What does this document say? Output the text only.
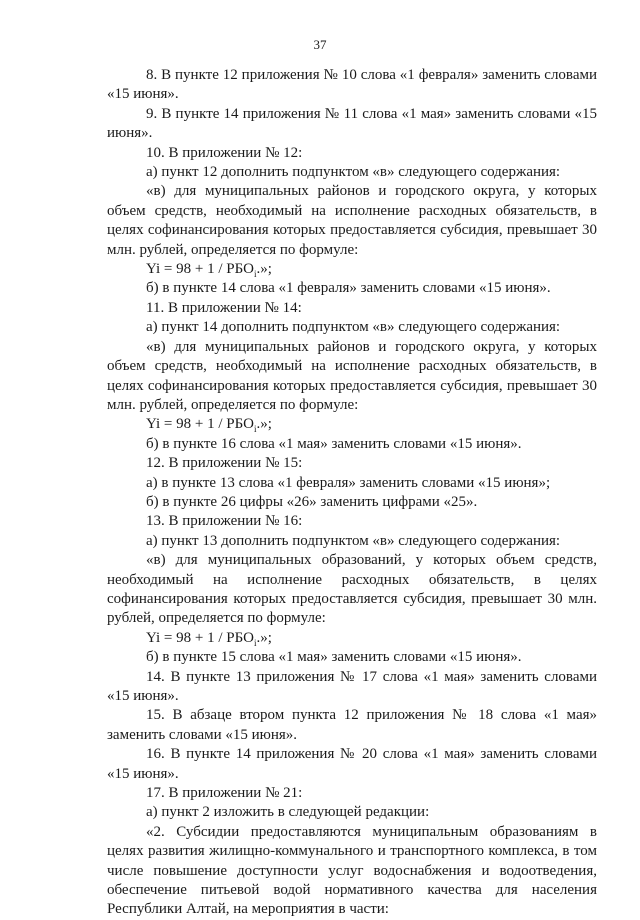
37

8. В пункте 12 приложения № 10 слова «1 февраля» заменить словами «15 июня».

9. В пункте 14 приложения № 11 слова «1 мая» заменить словами «15 июня».

10. В приложении № 12:

а) пункт 12 дополнить подпунктом «в» следующего содержания:

«в) для муниципальных районов и городского округа, у которых объем средств, необходимый на исполнение расходных обязательств, в целях софинансирования которых предоставляется субсидия, превышает 30 млн. рублей, определяется по формуле:

$Yi = 98 + 1 / РБО_i$.»;

б) в пункте 14 слова «1 февраля» заменить словами «15 июня».

11. В приложении № 14:

а) пункт 14 дополнить подпунктом «в» следующего содержания:

«в) для муниципальных районов и городского округа, у которых объем средств, необходимый на исполнение расходных обязательств, в целях софинансирования которых предоставляется субсидия, превышает 30 млн. рублей, определяется по формуле:

$Yi = 98 + 1 / РБО_i$.»;

б) в пункте 16 слова «1 мая» заменить словами «15 июня».

12. В приложении № 15:

а) в пункте 13 слова «1 февраля» заменить словами «15 июня»;

б) в пункте 26 цифры «26» заменить цифрами «25».

13. В приложении № 16:

а) пункт 13 дополнить подпунктом «в» следующего содержания:

«в) для муниципальных образований, у которых объем средств, необходимый на исполнение расходных обязательств, в целях софинансирования которых предоставляется субсидия, превышает 30 млн. рублей, определяется по формуле:

$Yi = 98 + 1 / РБО_i$.»;

б) в пункте 15 слова «1 мая» заменить словами «15 июня».

14. В пункте 13 приложения № 17 слова «1 мая» заменить словами «15 июня».

15. В абзаце втором пункта 12 приложения № 18 слова «1 мая» заменить словами «15 июня».

16. В пункте 14 приложения № 20 слова «1 мая» заменить словами «15 июня».

17. В приложении № 21:

а) пункт 2 изложить в следующей редакции:

«2. Субсидии предоставляются муниципальным образованиям в целях развития жилищно-коммунального и транспортного комплекса, в том числе повышение доступности услуг водоснабжения и водоотведения, обеспечение питьевой водой нормативного качества для населения Республики Алтай, на мероприятия в части:
